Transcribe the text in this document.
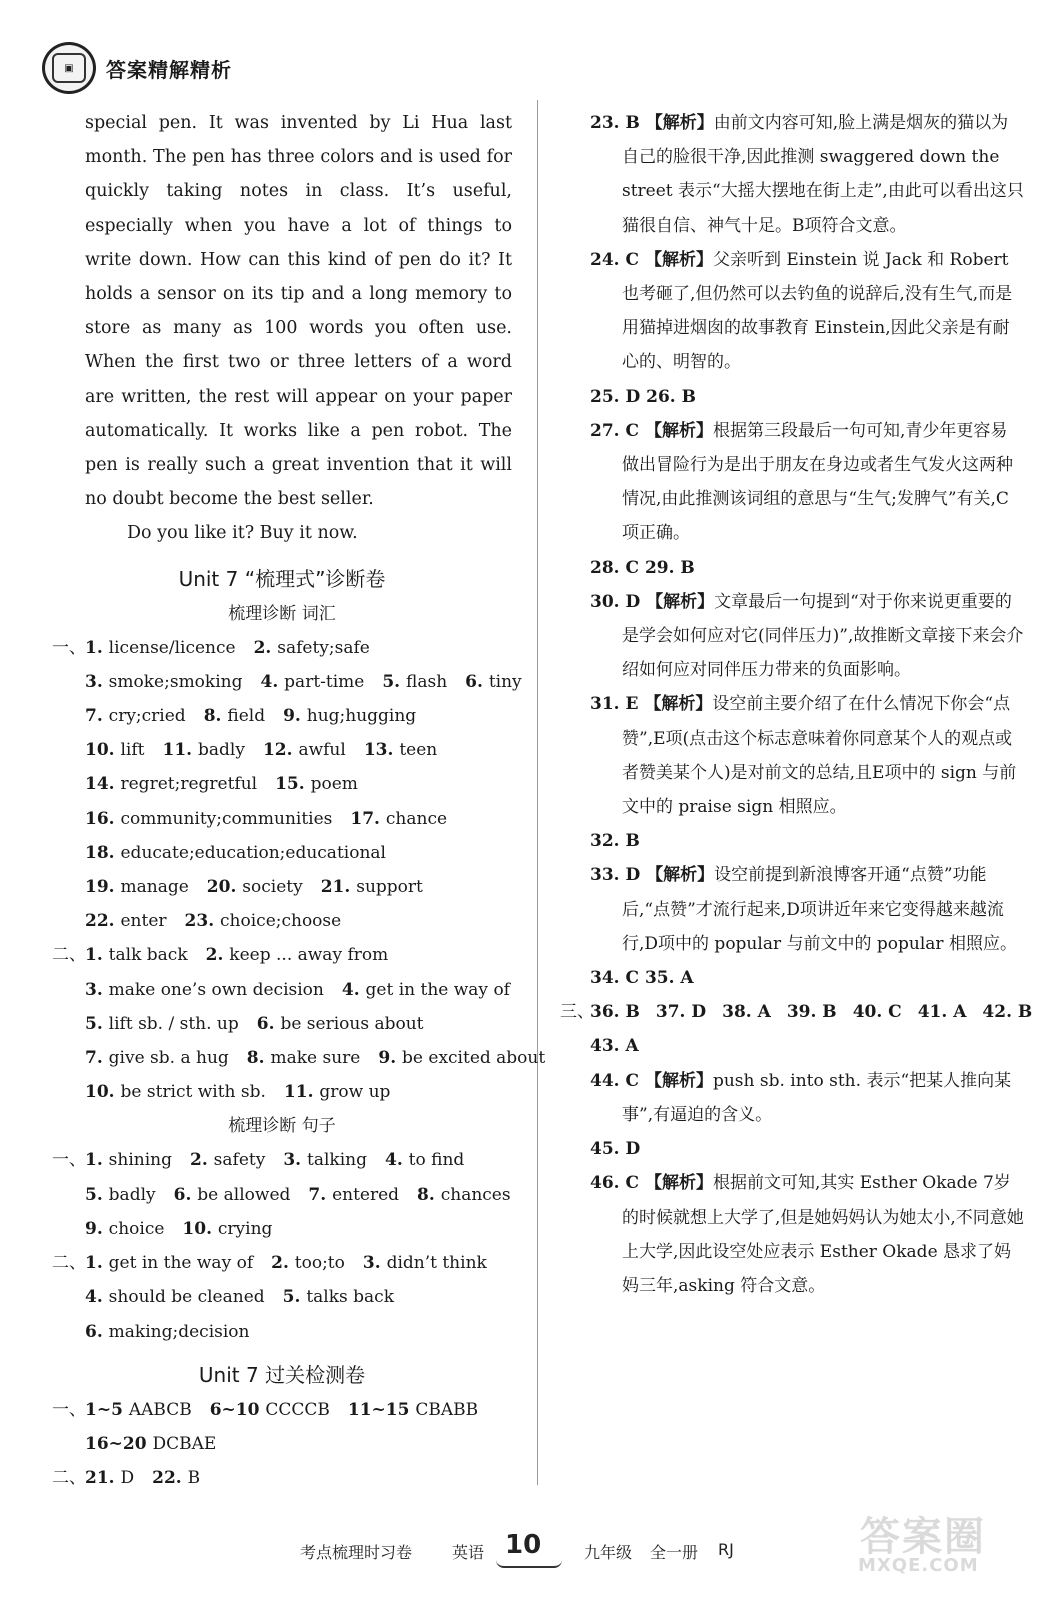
▣	答案精解精析
special pen. It was invented by Li Hua last month. The pen has three colors and is used for quickly taking notes in class. It’s useful, especially when you have a lot of things to write down. How can this kind of pen do it? It holds a sensor on its tip and a long memory to store as many as 100 words you often use. When the first two or three letters of a word are written, the rest will appear on your paper automatically. It works like a pen robot. The pen is really such a great invention that it will no doubt become the best seller.
Do you like it? Buy it now.
Unit 7 “梳理式”诊断卷
梳理诊断 词汇
一、1. license/licence 2. safety;safe
3. smoke;smoking 4. part-time 5. flash 6. tiny
7. cry;cried 8. field 9. hug;hugging
10. lift 11. badly 12. awful 13. teen
14. regret;regretful 15. poem
16. community;communities 17. chance
18. educate;education;educational
19. manage 20. society 21. support
22. enter 23. choice;choose
二、1. talk back 2. keep ... away from
3. make one’s own decision 4. get in the way of
5. lift sb. / sth. up 6. be serious about
7. give sb. a hug 8. make sure 9. be excited about
10. be strict with sb. 11. grow up
梳理诊断 句子
一、1. shining 2. safety 3. talking 4. to find
5. badly 6. be allowed 7. entered 8. chances
9. choice 10. crying
二、1. get in the way of 2. too;to 3. didn’t think
4. should be cleaned 5. talks back
6. making;decision
Unit 7 过关检测卷
一、1~5 AABCB 6~10 CCCCB 11~15 CBABB
16~20 DCBAE
二、21. D 22. B
23. B 【解析】由前文内容可知,脸上满是烟灰的猫以为自己的脸很干净,因此推测 swaggered down the street 表示“大摇大摆地在街上走”,由此可以看出这只猫很自信、神气十足。B项符合文意。
24. C 【解析】父亲听到 Einstein 说 Jack 和 Robert 也考砸了,但仍然可以去钓鱼的说辞后,没有生气,而是用猫掉进烟囱的故事教育 Einstein,因此父亲是有耐心的、明智的。
25. D 26. B
27. C 【解析】根据第三段最后一句可知,青少年更容易做出冒险行为是出于朋友在身边或者生气发火这两种情况,由此推测该词组的意思与“生气;发脾气”有关,C项正确。
28. C 29. B
30. D 【解析】文章最后一句提到“对于你来说更重要的是学会如何应对它(同伴压力)”,故推断文章接下来会介绍如何应对同伴压力带来的负面影响。
31. E 【解析】设空前主要介绍了在什么情况下你会“点赞”,E项(点击这个标志意味着你同意某个人的观点或者赞美某个人)是对前文的总结,且E项中的 sign 与前文中的 praise sign 相照应。
32. B
33. D 【解析】设空前提到新浪博客开通“点赞”功能后,“点赞”才流行起来,D项讲近年来它变得越来越流行,D项中的 popular 与前文中的 popular 相照应。
34. C 35. A
三、36. B 37. D 38. A 39. B 40. C 41. A 42. B
43. A
44. C 【解析】push sb. into sth. 表示“把某人推向某事”,有逼迫的含义。
45. D
46. C 【解析】根据前文可知,其实 Esther Okade 7岁的时候就想上大学了,但是她妈妈认为她太小,不同意她上大学,因此设空处应表示 Esther Okade 恳求了妈妈三年,asking 符合文意。
考点梳理时习卷 英语 10	九年级 全一册 RJ	答案圈
MXQE.COM
